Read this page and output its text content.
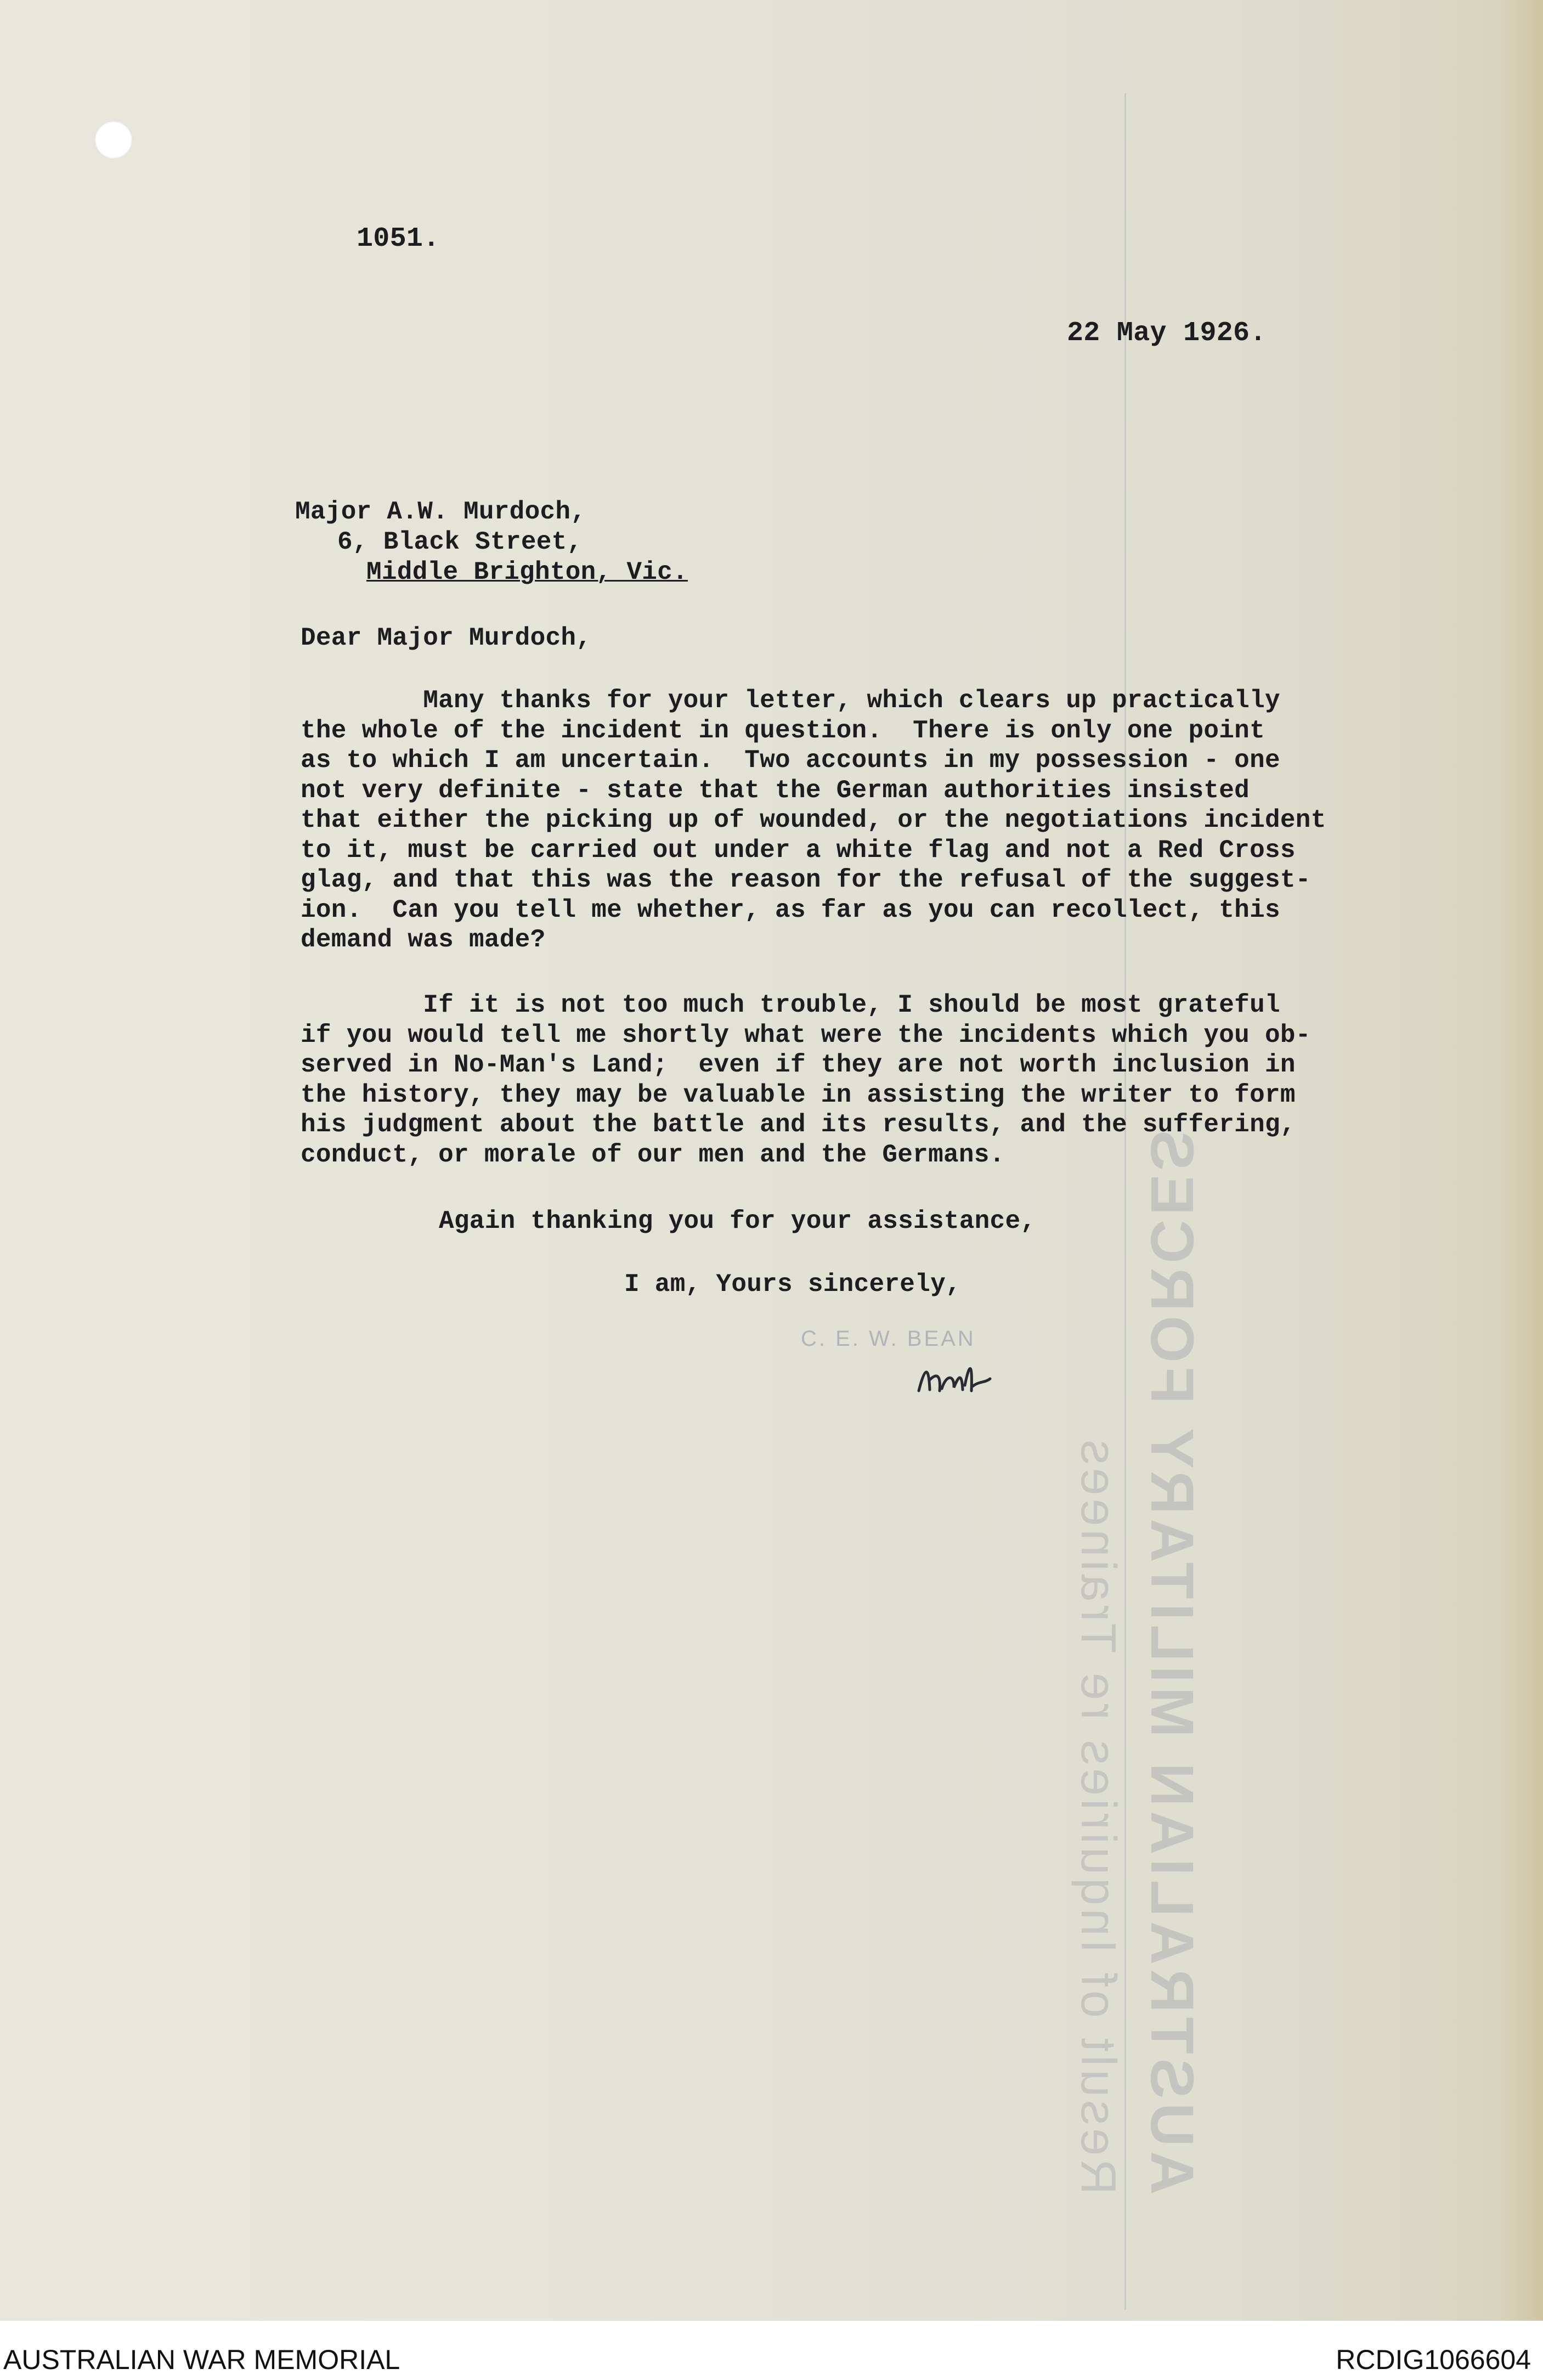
AUSTRALIAN MILITARY FORCES
Result of Inquiries re Trainees
1051.
22 May 1926.
Major A.W. Murdoch,
6, Black Street,
Middle Brighton, Vic.
Dear Major Murdoch,
Many thanks for your letter, which clears up practically
the whole of the incident in question.  There is only one point
as to which I am uncertain.  Two accounts in my possession - one
not very definite - state that the German authorities insisted
that either the picking up of wounded, or the negotiations incident
to it, must be carried out under a white flag and not a Red Cross
glag, and that this was the reason for the refusal of the suggest-
ion.  Can you tell me whether, as far as you can recollect, this
demand was made?
If it is not too much trouble, I should be most grateful
if you would tell me shortly what were the incidents which you ob-
served in No-Man's Land;  even if they are not worth inclusion in
the history, they may be valuable in assisting the writer to form
his judgment about the battle and its results, and the suffering,
conduct, or morale of our men and the Germans.
Again thanking you for your assistance,
I am, Yours sincerely,
C. E. W. BEAN
AUSTRALIAN WAR MEMORIAL	RCDIG1066604
